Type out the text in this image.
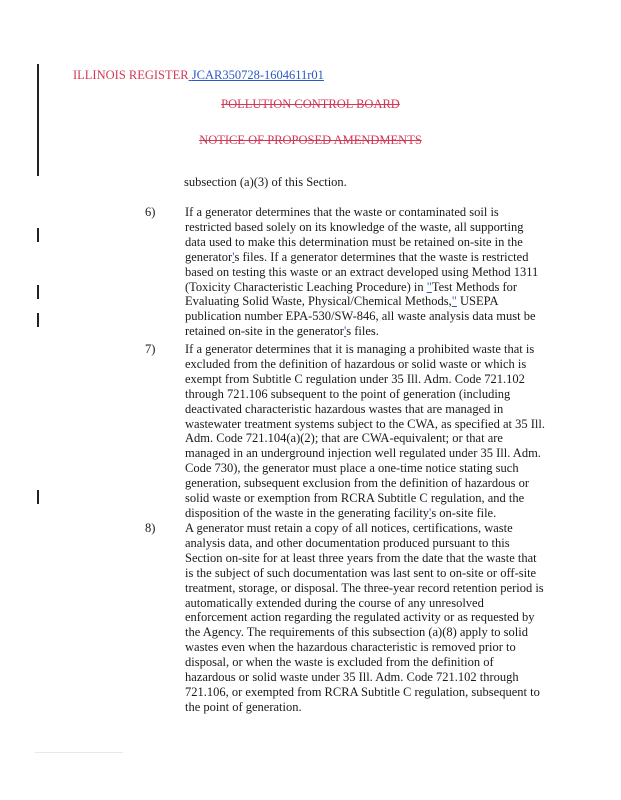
ILLINOIS REGISTER JCAR350728-1604611r01
POLLUTION CONTROL BOARD
NOTICE OF PROPOSED AMENDMENTS
subsection (a)(3) of this Section.
6) If a generator determines that the waste or contaminated soil is restricted based solely on its knowledge of the waste, all supporting data used to make this determination must be retained on-site in the generator's files. If a generator determines that the waste is restricted based on testing this waste or an extract developed using Method 1311 (Toxicity Characteristic Leaching Procedure) in "Test Methods for Evaluating Solid Waste, Physical/Chemical Methods," USEPA publication number EPA-530/SW-846, all waste analysis data must be retained on-site in the generator's files.

7) If a generator determines that it is managing a prohibited waste that is excluded from the definition of hazardous or solid waste or which is exempt from Subtitle C regulation under 35 Ill. Adm. Code 721.102 through 721.106 subsequent to the point of generation (including deactivated characteristic hazardous wastes that are managed in wastewater treatment systems subject to the CWA, as specified at 35 Ill. Adm. Code 721.104(a)(2); that are CWA-equivalent; or that are managed in an underground injection well regulated under 35 Ill. Adm. Code 730), the generator must place a one-time notice stating such generation, subsequent exclusion from the definition of hazardous or solid waste or exemption from RCRA Subtitle C regulation, and the disposition of the waste in the generating facility's on-site file.

8) A generator must retain a copy of all notices, certifications, waste analysis data, and other documentation produced pursuant to this Section on-site for at least three years from the date that the waste that is the subject of such documentation was last sent to on-site or off-site treatment, storage, or disposal. The three-year record retention period is automatically extended during the course of any unresolved enforcement action regarding the regulated activity or as requested by the Agency. The requirements of this subsection (a)(8) apply to solid wastes even when the hazardous characteristic is removed prior to disposal, or when the waste is excluded from the definition of hazardous or solid waste under 35 Ill. Adm. Code 721.102 through 721.106, or exempted from RCRA Subtitle C regulation, subsequent to the point of generation.
